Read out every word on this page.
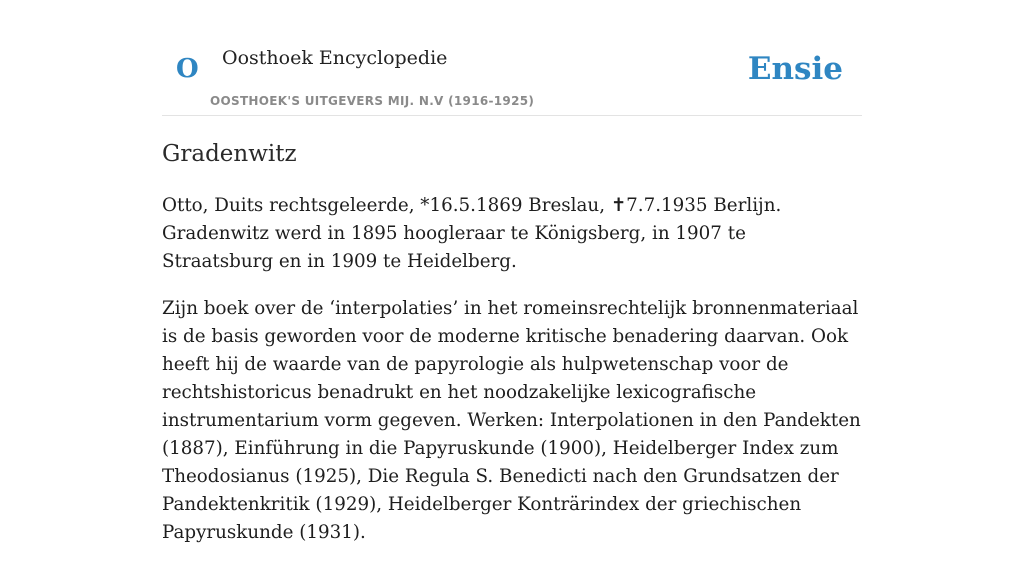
O Oosthoek Encyclopedie
OOSTHOEK'S UITGEVERS MIJ. N.V (1916-1925)
Ensie
Gradenwitz

Otto, Duits rechtsgeleerde, *16.5.1869 Breslau, ✝7.7.1935 Berlijn. Gradenwitz werd in 1895 hoogleraar te Königsberg, in 1907 te Straatsburg en in 1909 te Heidelberg.

Zijn boek over de ‘interpolaties’ in het romeinsrechtelijk bronnenmateriaal is de basis geworden voor de moderne kritische benadering daarvan. Ook heeft hij de waarde van de papyrologie als hulpwetenschap voor de rechtshistoricus benadrukt en het noodzakelijke lexicografische instrumentarium vorm gegeven. Werken: Interpolationen in den Pandekten (1887), Einführung in die Papyruskunde (1900), Heidelberger Index zum Theodosianus (1925), Die Regula S. Benedicti nach den Grundsatzen der Pandektenkritik (1929), Heidelberger Konträrindex der griechischen Papyruskunde (1931).
